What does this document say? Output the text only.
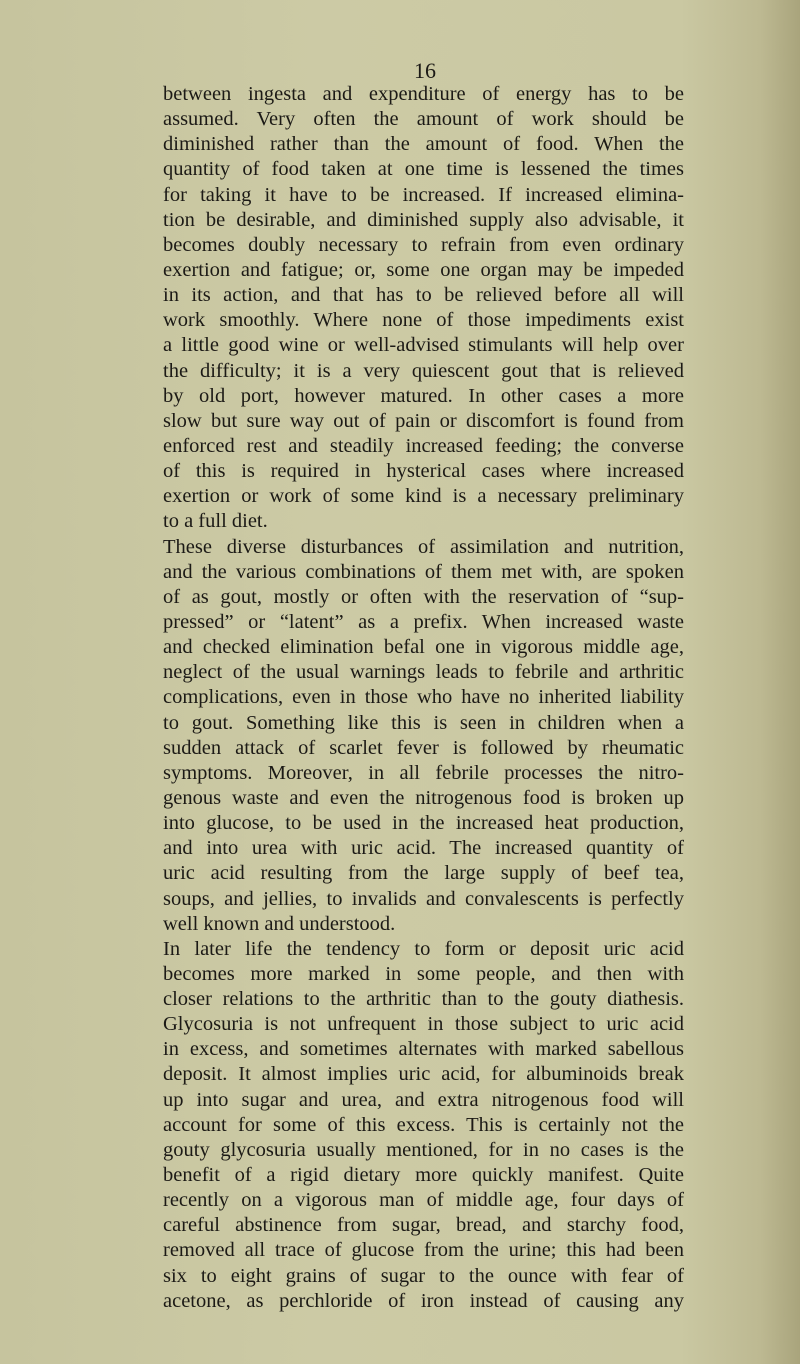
16
between ingesta and expenditure of energy has to be
assumed. Very often the amount of work should be
diminished rather than the amount of food. When the
quantity of food taken at one time is lessened the times
for taking it have to be increased. If increased elimina-
tion be desirable, and diminished supply also advisable, it
becomes doubly necessary to refrain from even ordinary
exertion and fatigue; or, some one organ may be impeded
in its action, and that has to be relieved before all will
work smoothly. Where none of those impediments exist
a little good wine or well-advised stimulants will help over
the difficulty; it is a very quiescent gout that is relieved
by old port, however matured. In other cases a more
slow but sure way out of pain or discomfort is found from
enforced rest and steadily increased feeding; the converse
of this is required in hysterical cases where increased
exertion or work of some kind is a necessary preliminary
to a full diet.
These diverse disturbances of assimilation and nutrition,
and the various combinations of them met with, are spoken
of as gout, mostly or often with the reservation of “sup-
pressed” or “latent” as a prefix. When increased waste
and checked elimination befal one in vigorous middle age,
neglect of the usual warnings leads to febrile and arthritic
complications, even in those who have no inherited liability
to gout. Something like this is seen in children when a
sudden attack of scarlet fever is followed by rheumatic
symptoms. Moreover, in all febrile processes the nitro-
genous waste and even the nitrogenous food is broken up
into glucose, to be used in the increased heat production,
and into urea with uric acid. The increased quantity of
uric acid resulting from the large supply of beef tea,
soups, and jellies, to invalids and convalescents is perfectly
well known and understood.
In later life the tendency to form or deposit uric acid
becomes more marked in some people, and then with
closer relations to the arthritic than to the gouty diathesis.
Glycosuria is not unfrequent in those subject to uric acid
in excess, and sometimes alternates with marked sabellous
deposit. It almost implies uric acid, for albuminoids break
up into sugar and urea, and extra nitrogenous food will
account for some of this excess. This is certainly not the
gouty glycosuria usually mentioned, for in no cases is the
benefit of a rigid dietary more quickly manifest. Quite
recently on a vigorous man of middle age, four days of
careful abstinence from sugar, bread, and starchy food,
removed all trace of glucose from the urine; this had been
six to eight grains of sugar to the ounce with fear of
acetone, as perchloride of iron instead of causing any
